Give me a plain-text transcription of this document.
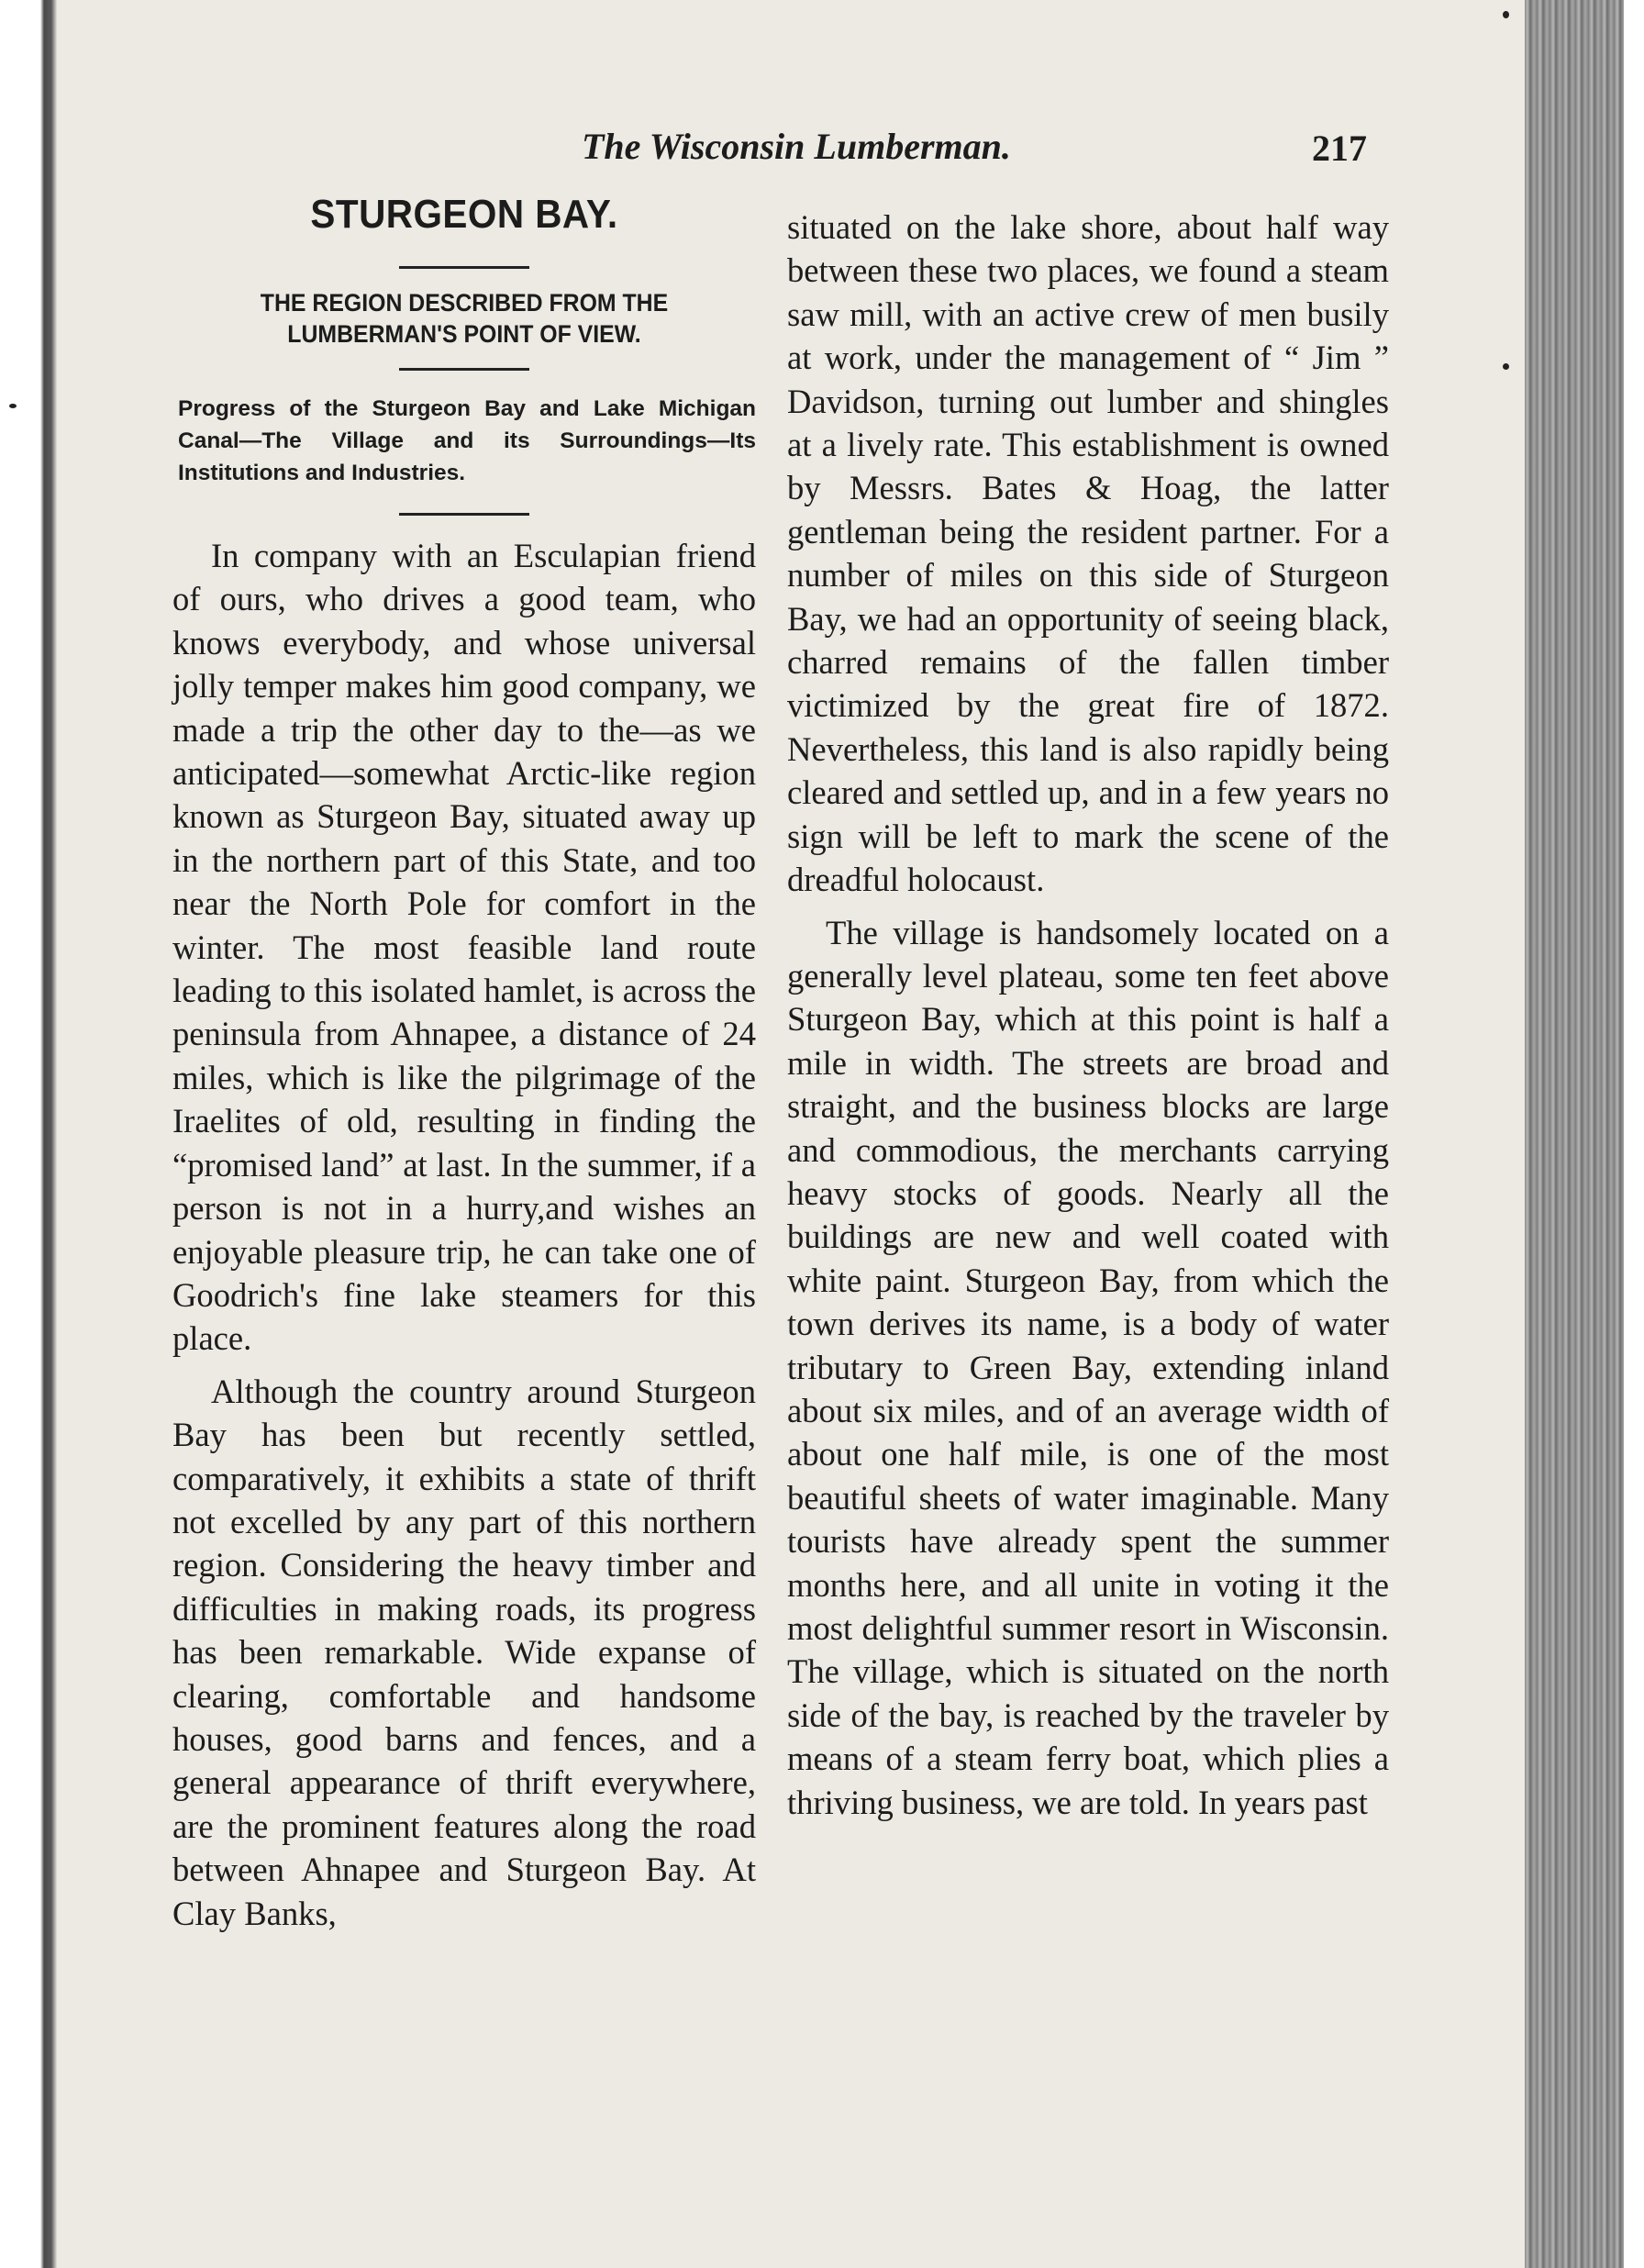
The Wisconsin Lumberman.	217
STURGEON BAY.
THE REGION DESCRIBED FROM THE LUMBERMAN'S POINT OF VIEW.
Progress of the Sturgeon Bay and Lake Michigan Canal—The Village and its Surroundings—Its Institutions and Industries.

In company with an Esculapian friend of ours, who drives a good team, who knows everybody, and whose universal jolly temper makes him good company, we made a trip the other day to the—as we anticipated—somewhat Arctic-like region known as Sturgeon Bay, situated away up in the northern part of this State, and too near the North Pole for comfort in the winter. The most feasible land route leading to this isolated hamlet, is across the peninsula from Ahnapee, a distance of 24 miles, which is like the pilgrimage of the Iraelites of old, resulting in finding the “promised land” at last. In the summer, if a person is not in a hurry,and wishes an enjoyable pleasure trip, he can take one of Goodrich's fine lake steamers for this place.

Although the country around Sturgeon Bay has been but recently settled, comparatively, it exhibits a state of thrift not excelled by any part of this northern region. Considering the heavy timber and difficulties in making roads, its progress has been remarkable. Wide expanse of clearing, comfortable and handsome houses, good barns and fences, and a general appearance of thrift everywhere, are the prominent features along the road between Ahnapee and Sturgeon Bay. At Clay Banks,

situated on the lake shore, about half way between these two places, we found a steam saw mill, with an active crew of men busily at work, under the management of “ Jim ” Davidson, turning out lumber and shingles at a lively rate. This establishment is owned by Messrs. Bates & Hoag, the latter gentleman being the resident partner. For a number of miles on this side of Sturgeon Bay, we had an opportunity of seeing black, charred remains of the fallen timber victimized by the great fire of 1872. Nevertheless, this land is also rapidly being cleared and settled up, and in a few years no sign will be left to mark the scene of the dreadful holocaust.

The village is handsomely located on a generally level plateau, some ten feet above Sturgeon Bay, which at this point is half a mile in width. The streets are broad and straight, and the business blocks are large and commodious, the merchants carrying heavy stocks of goods. Nearly all the buildings are new and well coated with white paint. Sturgeon Bay, from which the town derives its name, is a body of water tributary to Green Bay, extending inland about six miles, and of an average width of about one half mile, is one of the most beautiful sheets of water imaginable. Many tourists have already spent the summer months here, and all unite in voting it the most delightful summer resort in Wisconsin. The village, which is situated on the north side of the bay, is reached by the traveler by means of a steam ferry boat, which plies a thriving business, we are told. In years past
